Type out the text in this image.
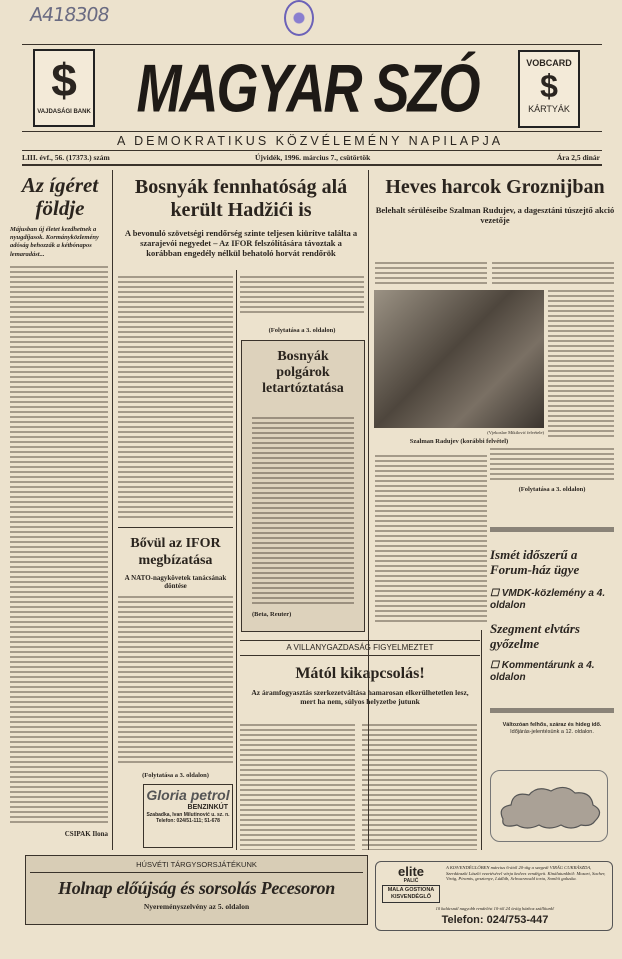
A418308
$
VAJDASÁGI BANK MAGYAR SZÓ	VOBCARD
$
KÁRTYÁK
A DEMOKRATIKUS KÖZVÉLEMÉNY NAPILAPJA
LIII. évf., 56. (17373.) szám	Újvidék, 1996. március 7., csütörtök	Ára 2,5 dinár
Az ígéret földje
Májusban új életet kezdhetnek a nyugdíjasok. Kormányközlemény adóság behozzák a kétbónapos lemaradást...
CSIPAK Ilona
Bosnyák fennhatóság alá került Hadžići is
A bevonuló szövetségi rendőrség szinte teljesen kiürítve találta a szarajevói negyedet – Az IFOR felszólítására távoztak a korábban engedély nélkül behatoló horvát rendőrök
(Folytatása a 3. oldalon)
Bosnyák polgárok letartóztatása
(Beta, Reuter)
Bővül az IFOR megbízatása
A NATO-nagykövetek tanácsának döntése
(Folytatása a 3. oldalon)
Gloria petrol
BENZINKÚT
Szabadka, Ivan Milutinović u. sz. n.
Telefon: 024/51-111; 51-678
A VILLANYGAZDASÁG FIGYELMEZTET
Mától kikapcsolás!
Az áramfogyasztás szerkezetváltása hamarosan elkerülhetetlen lesz, mert ha nem, súlyos helyzetbe jutunk
Heves harcok Groznijban
Belehalt sérüléseibe Szalman Rudujev, a dagesztáni túszejtő akció vezetője
(Vjekoslav Mikilović felvétele)
Szalman Radujev (korábbi felvétel)
(Folytatása a 3. oldalon)
Ismét időszerű a Forum-ház ügye
☐ VMDK-közlemény a 4. oldalon
Szegment elvtárs győzelme
☐ Kommentárunk a 4. oldalon
Változóan felhős, száraz és hideg idő.
Időjárás-jelentésünk a 12. oldalon.
HÚSVÉTI TÁRGYSORSJÁTÉKUNK
Holnap előújság és sorsolás Pecesoron
Nyereményszelvény az 5. oldalon
elite
PALIĆ
MALA GOSTIONA KISVENDÉGLŐ
A KISVENDÉGLŐBEN március 6-ától 20-áig a szegedi VIRÁG CUKRÁSZDA, Szerdánszki László vezetésével várja kedves vendégeit. Kínálatunkból: Mozart, Sacher, Virág, Piramis, gesztenye, Lúdláb, Schwarzwald torta, Somlói galuska.
10 kalácsnál nagyobb rendelést 10-től 24 óráig házhoz szállítunk!
Telefon: 024/753-447
